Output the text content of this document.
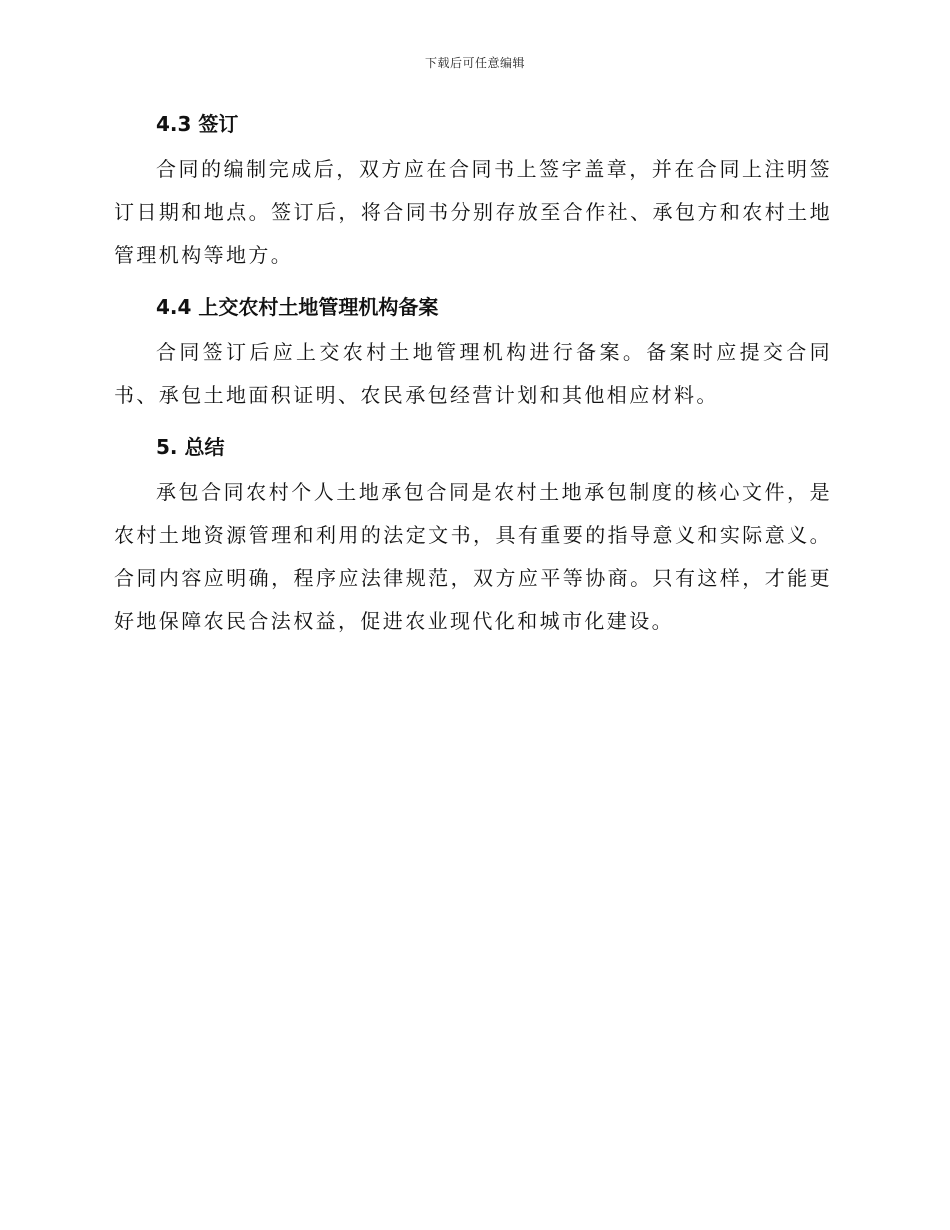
下载后可任意编辑
4.3 签订

合同的编制完成后，双方应在合同书上签字盖章，并在合同上注明签订日期和地点。签订后，将合同书分别存放至合作社、承包方和农村土地管理机构等地方。

4.4 上交农村土地管理机构备案

合同签订后应上交农村土地管理机构进行备案。备案时应提交合同书、承包土地面积证明、农民承包经营计划和其他相应材料。

5. 总结

承包合同农村个人土地承包合同是农村土地承包制度的核心文件，是农村土地资源管理和利用的法定文书，具有重要的指导意义和实际意义。合同内容应明确，程序应法律规范，双方应平等协商。只有这样，才能更好地保障农民合法权益，促进农业现代化和城市化建设。
